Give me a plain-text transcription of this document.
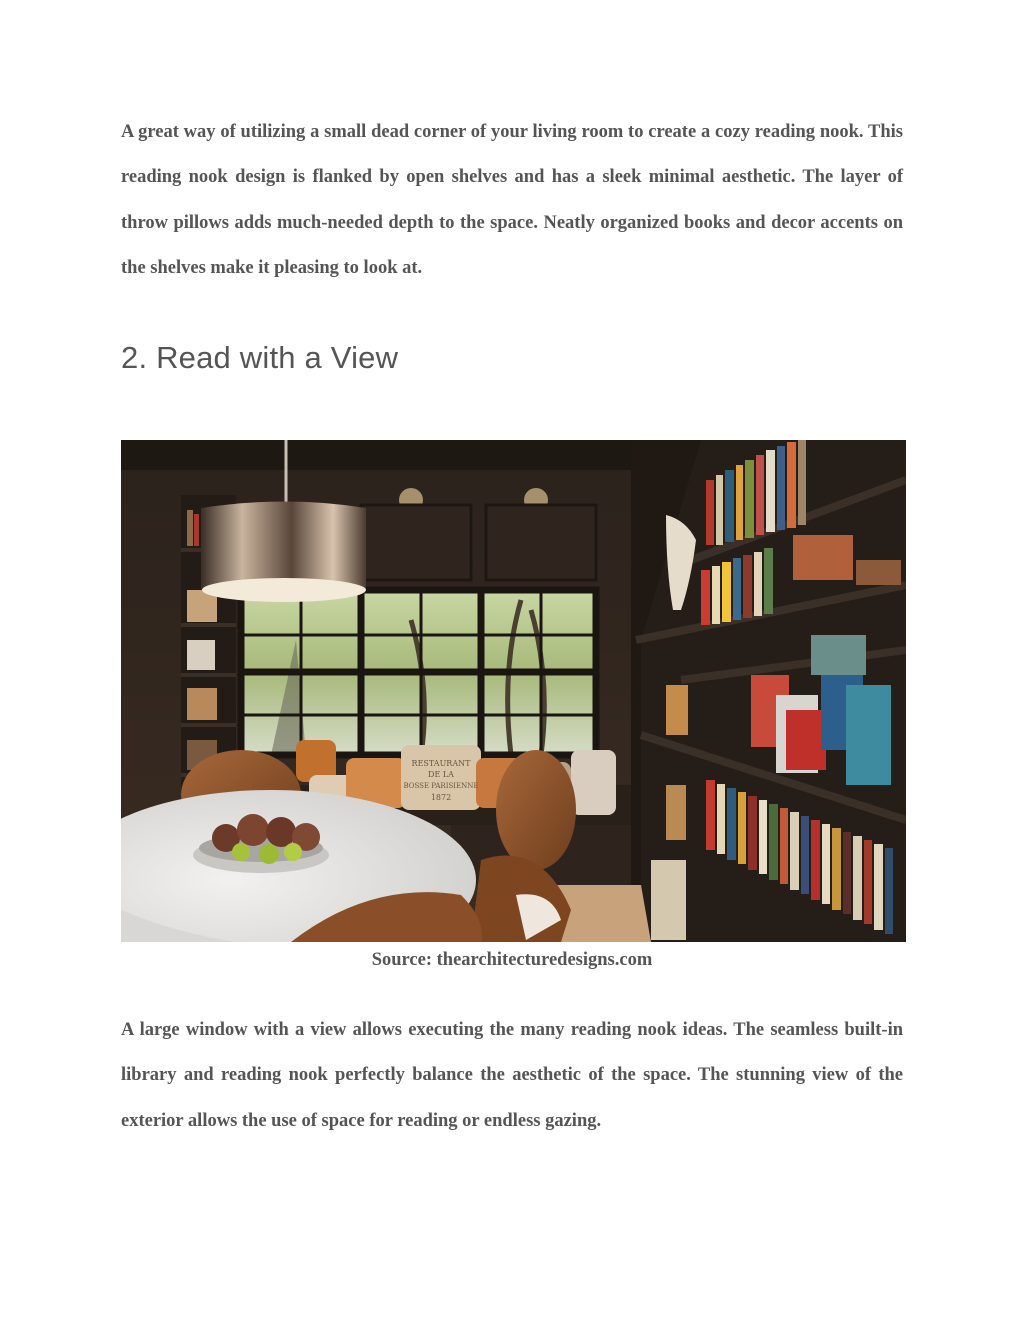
A great way of utilizing a small dead corner of your living room to create a cozy reading nook. This reading nook design is flanked by open shelves and has a sleek minimal aesthetic. The layer of throw pillows adds much-needed depth to the space. Neatly organized books and decor accents on the shelves make it pleasing to look at.

2. Read with a View
RESTAURANT
DE LA
BOSSE PARISIENNE
1872

Source: thearchitecturedesigns.com

A large window with a view allows executing the many reading nook ideas. The seamless built-in library and reading nook perfectly balance the aesthetic of the space. The stunning view of the exterior allows the use of space for reading or endless gazing.
